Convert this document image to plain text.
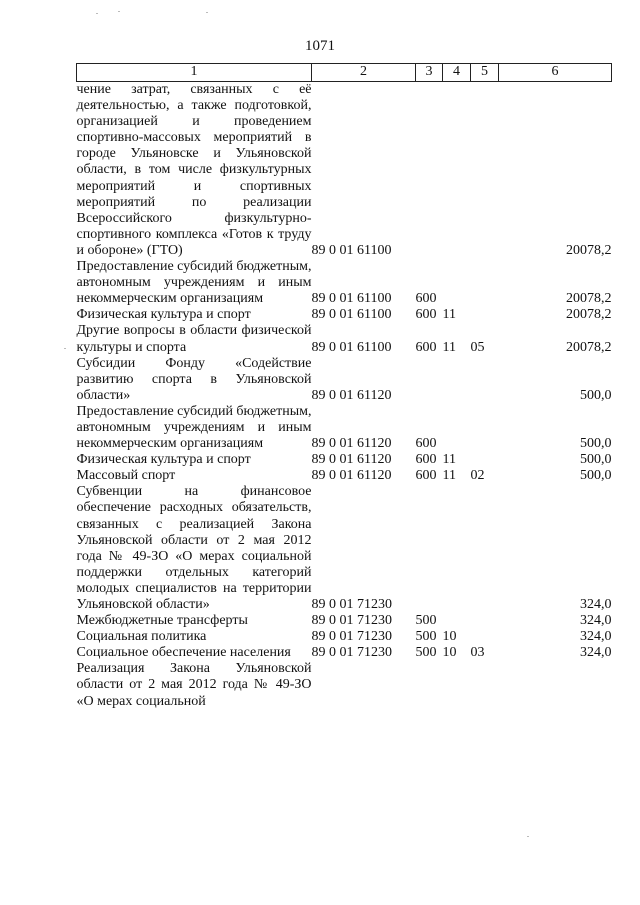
1071
1	2	3	4	5	6
чение затрат, связанных с её деятельностью, а также подготовкой, организацией и проведением спортивно-массовых мероприятий в городе Ульяновске и Ульяновской области, в том числе физкультурных мероприятий и спортивных мероприятий по реализации Всероссийского физкультурно-спортивного комплекса «Готов к труду и обороне» (ГТО)	89 0 01 61100				20078,2
Предоставление субсидий бюджетным, автономным учреждениям и иным некоммерческим организациям	89 0 01 61100	600			20078,2
Физическая культура и спорт	89 0 01 61100	600	11		20078,2
Другие вопросы в области физической культуры и спорта	89 0 01 61100	600	11	05	20078,2
Субсидии Фонду «Содействие развитию спорта в Ульяновской области»	89 0 01 61120				500,0
Предоставление субсидий бюджетным, автономным учреждениям и иным некоммерческим организациям	89 0 01 61120	600			500,0
Физическая культура и спорт	89 0 01 61120	600	11		500,0
Массовый спорт	89 0 01 61120	600	11	02	500,0
Субвенции на финансовое обеспечение расходных обязательств, связанных с реализацией Закона Ульяновской области от 2 мая 2012 года № 49-ЗО «О мерах социальной поддержки отдельных категорий молодых специалистов на территории Ульяновской области»	89 0 01 71230				324,0
Межбюджетные трансферты	89 0 01 71230	500			324,0
Социальная политика	89 0 01 71230	500	10		324,0
Социальное обеспечение населения	89 0 01 71230	500	10	03	324,0
Реализация Закона Ульяновской области от 2 мая 2012 года № 49-ЗО «О мерах социальной					
